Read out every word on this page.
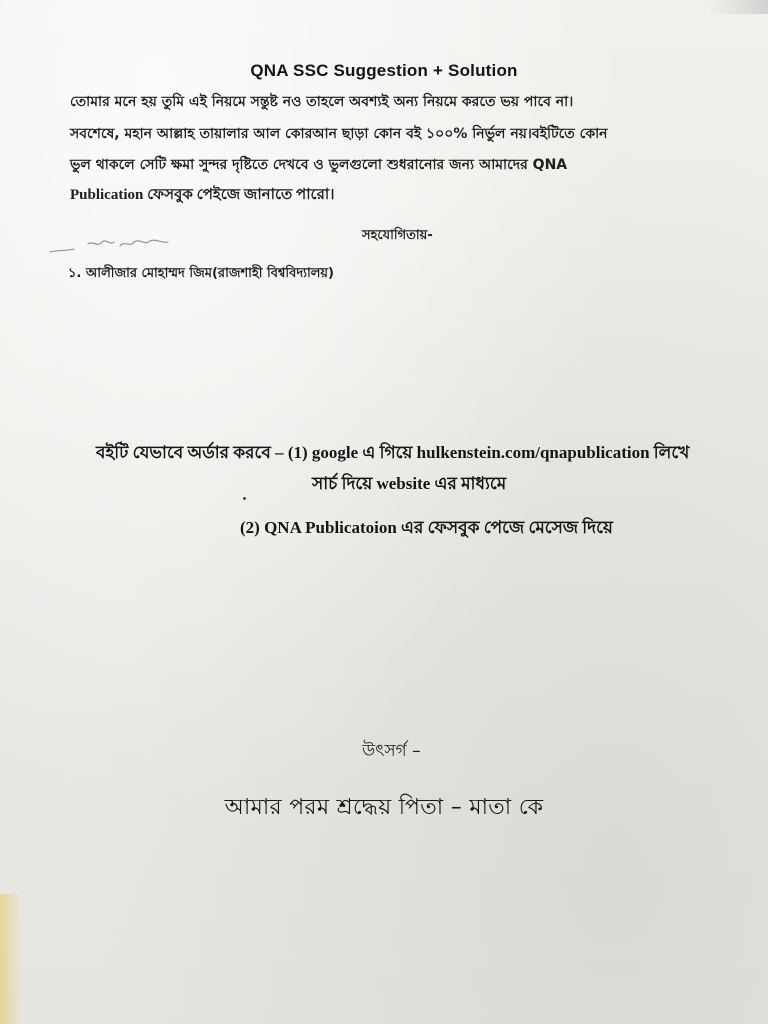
QNA SSC Suggestion + Solution
তোমার মনে হয় তুমি এই নিয়মে সন্তুষ্ট নও তাহলে অবশ্যই অন্য নিয়মে করতে ভয় পাবে না।
সবশেষে, মহান আল্লাহ তায়ালার আল কোরআন ছাড়া কোন বই ১০০% নির্ভুল নয়।বইটিতে কোন
ভুল থাকলে সেটি ক্ষমা সুন্দর দৃষ্টিতে দেখবে ও ভুলগুলো শুধরানোর জন্য আমাদের QNA
Publication ফেসবুক পেইজে জানাতে পারো।
সহযোগিতায়-
১. আলীজার মোহাম্মদ জিম(রাজশাহী বিশ্ববিদ্যালয়)
বইটি যেভাবে অর্ডার করবে – (1) google এ গিয়ে hulkenstein.com/qnapublication লিখে
সার্চ দিয়ে website এর মাধ্যমে
(2) QNA Publicatoion এর ফেসবুক পেজে মেসেজ দিয়ে
উৎসর্গ –
আমার পরম শ্রদ্ধেয় পিতা – মাতা কে
